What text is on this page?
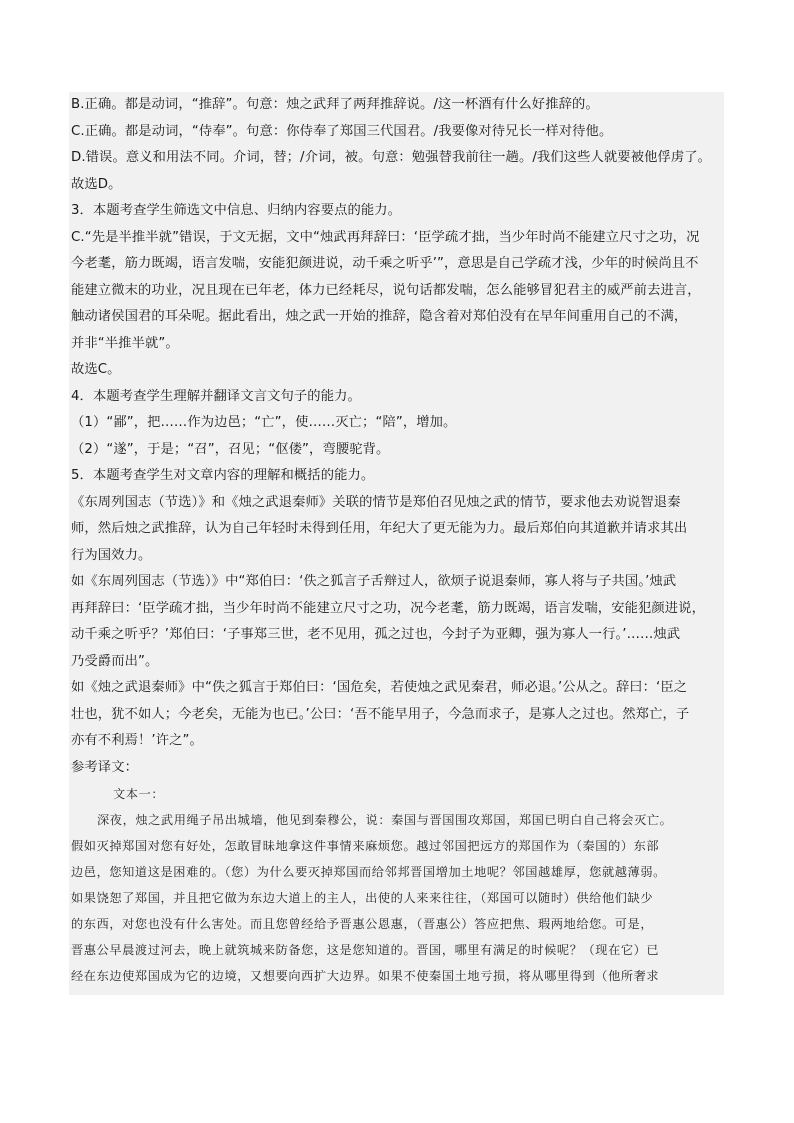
B.正确。都是动词，“推辞”。句意：烛之武拜了两拜推辞说。/这一杯酒有什么好推辞的。
C.正确。都是动词，“侍奉”。句意：你侍奉了郑国三代国君。/我要像对待兄长一样对待他。
D.错误。意义和用法不同。介词，替；/介词，被。句意：勉强替我前往一趟。/我们这些人就要被他俘虏了。
故选D。
3．本题考查学生筛选文中信息、归纳内容要点的能力。
C.“先是半推半就”错误，于文无据，文中“烛武再拜辞曰：‘臣学疏才拙，当少年时尚不能建立尺寸之功，况
今老耄，筋力既竭，语言发喘，安能犯颜进说，动千乘之听乎’”，意思是自己学疏才浅，少年的时候尚且不
能建立微末的功业，况且现在已年老，体力已经耗尽，说句话都发喘，怎么能够冒犯君主的威严前去进言，
触动诸侯国君的耳朵呢。据此看出，烛之武一开始的推辞，隐含着对郑伯没有在早年间重用自己的不满，
并非“半推半就”。
故选C。
4．本题考查学生理解并翻译文言文句子的能力。
（1）“鄙”，把……作为边邑；“亡”，使……灭亡；“陪”，增加。
（2）“遂”，于是；“召”，召见；“伛偻”，弯腰驼背。
5．本题考查学生对文章内容的理解和概括的能力。
《东周列国志（节选）》和《烛之武退秦师》关联的情节是郑伯召见烛之武的情节，要求他去劝说智退秦
师，然后烛之武推辞，认为自己年轻时未得到任用，年纪大了更无能为力。最后郑伯向其道歉并请求其出
行为国效力。
如《东周列国志（节选）》中“郑伯曰：‘佚之狐言子舌辩过人，欲烦子说退秦师，寡人将与子共国。’烛武
再拜辞曰：‘臣学疏才拙，当少年时尚不能建立尺寸之功，况今老耄，筋力既竭，语言发喘，安能犯颜进说，
动千乘之听乎？’郑伯曰：‘子事郑三世，老不见用，孤之过也，今封子为亚卿，强为寡人一行。’……烛武
乃受爵而出”。
如《烛之武退秦师》中“佚之狐言于郑伯曰：‘国危矣，若使烛之武见秦君，师必退。’公从之。辞曰：‘臣之
壮也，犹不如人；今老矣，无能为也已。’公曰：‘吾不能早用子，今急而求子，是寡人之过也。然郑亡，子
亦有不利焉！’许之”。
参考译文：
文本一：
深夜，烛之武用绳子吊出城墙，他见到秦穆公，说：秦国与晋国围攻郑国，郑国已明白自己将会灭亡。
假如灭掉郑国对您有好处，怎敢冒昧地拿这件事情来麻烦您。越过邻国把远方的郑国作为（秦国的）东部
边邑，您知道这是困难的。（您）为什么要灭掉郑国而给邻邦晋国增加土地呢？邻国越雄厚，您就越薄弱。
如果饶恕了郑国，并且把它做为东边大道上的主人，出使的人来来往往，（郑国可以随时）供给他们缺少
的东西，对您也没有什么害处。而且您曾经给予晋惠公恩惠，（晋惠公）答应把焦、瑕两地给您。可是，
晋惠公早晨渡过河去，晚上就筑城来防备您，这是您知道的。晋国，哪里有满足的时候呢？（现在它）已
经在东边使郑国成为它的边境，又想要向西扩大边界。如果不使秦国土地亏损，将从哪里得到（他所奢求
